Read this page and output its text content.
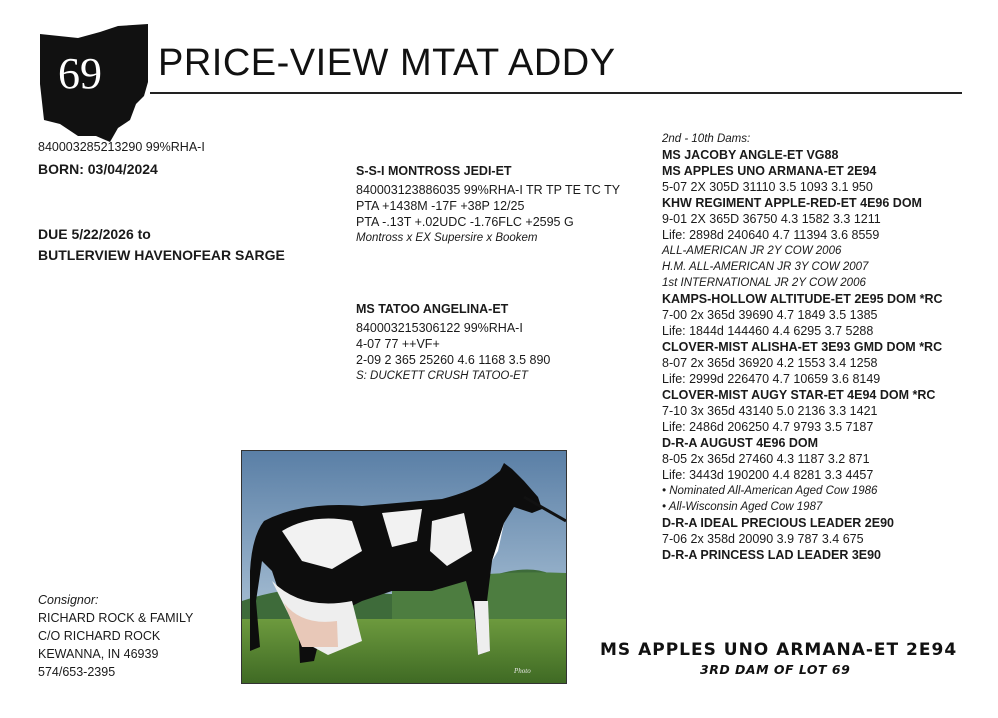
69	PRICE-VIEW MTAT ADDY
840003285213290 99%RHA-I
BORN: 03/04/2024
DUE 5/22/2026 to
BUTLERVIEW HAVENOFEAR SARGE
S-S-I MONTROSS JEDI-ET
840003123886035 99%RHA-I TR TP TE TC TY
PTA +1438M -17F +38P 12/25
PTA -.13T +.02UDC -1.76FLC +2595 G
Montross x EX Supersire x Bookem
MS TATOO ANGELINA-ET
840003215306122 99%RHA-I
4-07 77 ++VF+
2-09 2 365 25260 4.6 1168 3.5 890
S: DUCKETT CRUSH TATOO-ET
2nd - 10th Dams:
MS JACOBY ANGLE-ET VG88
MS APPLES UNO ARMANA-ET 2E94
5-07 2X 305D 31110 3.5 1093 3.1 950
KHW REGIMENT APPLE-RED-ET 4E96 DOM
9-01 2X 365D 36750 4.3 1582 3.3 1211
Life: 2898d 240640 4.7 11394 3.6 8559
ALL-AMERICAN JR 2Y COW 2006
H.M. ALL-AMERICAN JR 3Y COW 2007
1st INTERNATIONAL JR 2Y COW 2006
KAMPS-HOLLOW ALTITUDE-ET 2E95 DOM *RC
7-00 2x 365d 39690 4.7 1849 3.5 1385
Life: 1844d 144460 4.4 6295 3.7 5288
CLOVER-MIST ALISHA-ET 3E93 GMD DOM *RC
8-07 2x 365d 36920 4.2 1553 3.4 1258
Life: 2999d 226470 4.7 10659 3.6 8149
CLOVER-MIST AUGY STAR-ET 4E94 DOM *RC
7-10 3x 365d 43140 5.0 2136 3.3 1421
Life: 2486d 206250 4.7 9793 3.5 7187
D-R-A AUGUST 4E96 DOM
8-05 2x 365d 27460 4.3 1187 3.2 871
Life: 3443d 190200 4.4 8281 3.3 4457
• Nominated All-American Aged Cow 1986
• All-Wisconsin Aged Cow 1987
D-R-A IDEAL PRECIOUS LEADER 2E90
7-06 2x 358d 20090 3.9 787 3.4 675
D-R-A PRINCESS LAD LEADER 3E90
Photo
Consignor:
RICHARD ROCK & FAMILY
C/O RICHARD ROCK
KEWANNA, IN 46939
574/653-2395
MS APPLES UNO ARMANA-ET 2E94
3RD DAM OF LOT 69
